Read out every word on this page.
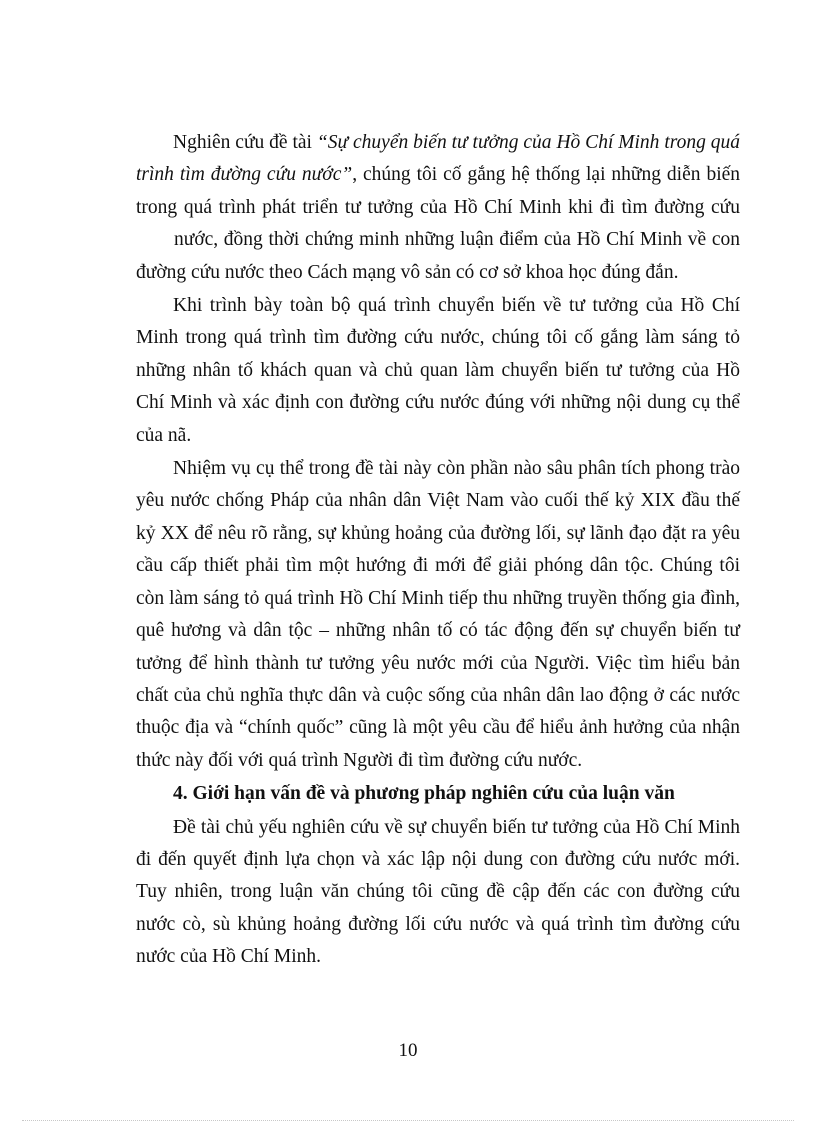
Nghiên cứu đề tài “Sự chuyển biến tư tưởng của Hồ Chí Minh trong quá
trình tìm đường cứu nước”, chúng tôi cố gắng hệ thống lại những diễn biến
trong quá trình phát triển tư tưởng của Hồ Chí Minh khi đi tìm đường cứu
nước, đồng thời chứng minh những luận điểm của Hồ Chí Minh về con
đường cứu nước theo Cách mạng vô sản có cơ sở khoa học đúng đắn.

Khi trình bày toàn bộ quá trình chuyển biến về tư tưởng của Hồ Chí Minh trong quá trình tìm đường cứu nước, chúng tôi cố gắng làm sáng tỏ những nhân tố khách quan và chủ quan làm chuyển biến tư tưởng của Hồ Chí Minh và xác định con đường cứu nước đúng với những nội dung cụ thể của nã.

Nhiệm vụ cụ thể trong đề tài này còn phần nào sâu phân tích phong trào yêu nước chống Pháp của nhân dân Việt Nam vào cuối thế kỷ XIX đầu thế kỷ XX để nêu rõ rằng, sự khủng hoảng của đường lối, sự lãnh đạo đặt ra yêu cầu cấp thiết phải tìm một hướng đi mới để giải phóng dân tộc. Chúng tôi còn làm sáng tỏ quá trình Hồ Chí Minh tiếp thu những truyền thống gia đình, quê hương và dân tộc – những nhân tố có tác động đến sự chuyển biến tư tưởng để hình thành tư tưởng yêu nước mới của Người. Việc tìm hiểu bản chất của chủ nghĩa thực dân và cuộc sống của nhân dân lao động ở các nước thuộc địa và “chính quốc” cũng là một yêu cầu để hiểu ảnh hưởng của nhận thức này đối với quá trình Người đi tìm đường cứu nước.

4. Giới hạn vấn đề và phương pháp nghiên cứu của luận văn

Đề tài chủ yếu nghiên cứu về sự chuyển biến tư tưởng của Hồ Chí Minh đi đến quyết định lựa chọn và xác lập nội dung con đường cứu nước mới. Tuy nhiên, trong luận văn chúng tôi cũng đề cập đến các con đường cứu nước cò, sù khủng hoảng đường lối cứu nước và quá trình tìm đường cứu nước của Hồ Chí Minh.

10
